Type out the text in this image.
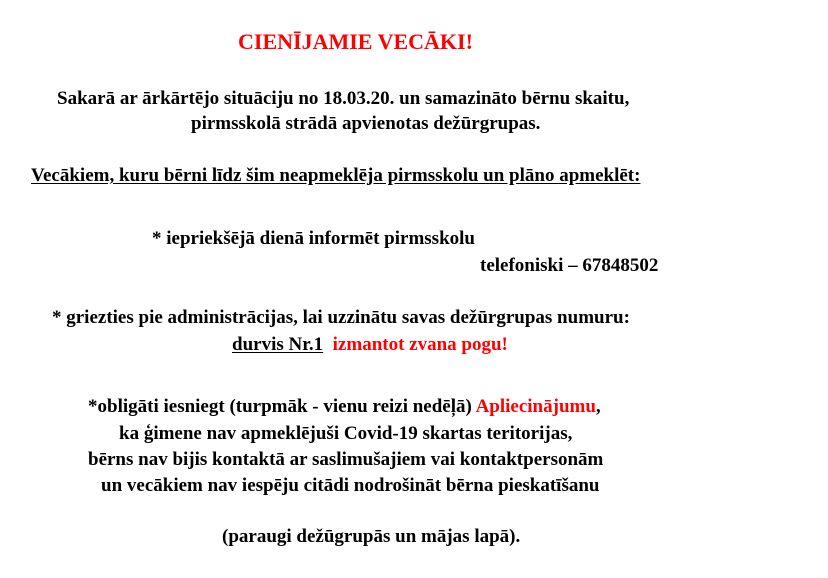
CIENĪJAMIE VECĀKI!
Sakarā ar ārkārtējo situāciju no 18.03.20. un samazināto bērnu skaitu,
pirmsskolā strādā apvienotas dežūrgrupas.
Vecākiem, kuru bērni līdz šim neapmeklēja pirmsskolu un plāno apmeklēt:
* iepriekšējā dienā informēt pirmsskolu
telefoniski – 67848502
* griezties pie administrācijas, lai uzzinātu savas dežūrgrupas numuru:
durvis Nr.1 izmantot zvana pogu!
*obligāti iesniegt (turpmāk - vienu reizi nedēļā) Apliecinājumu,
ka ģimene nav apmeklējuši Covid-19 skartas teritorijas,
bērns nav bijis kontaktā ar saslimušajiem vai kontaktpersonām
un vecākiem nav iespēju citādi nodrošināt bērna pieskatīšanu
(paraugi dežūgrupās un mājas lapā).
